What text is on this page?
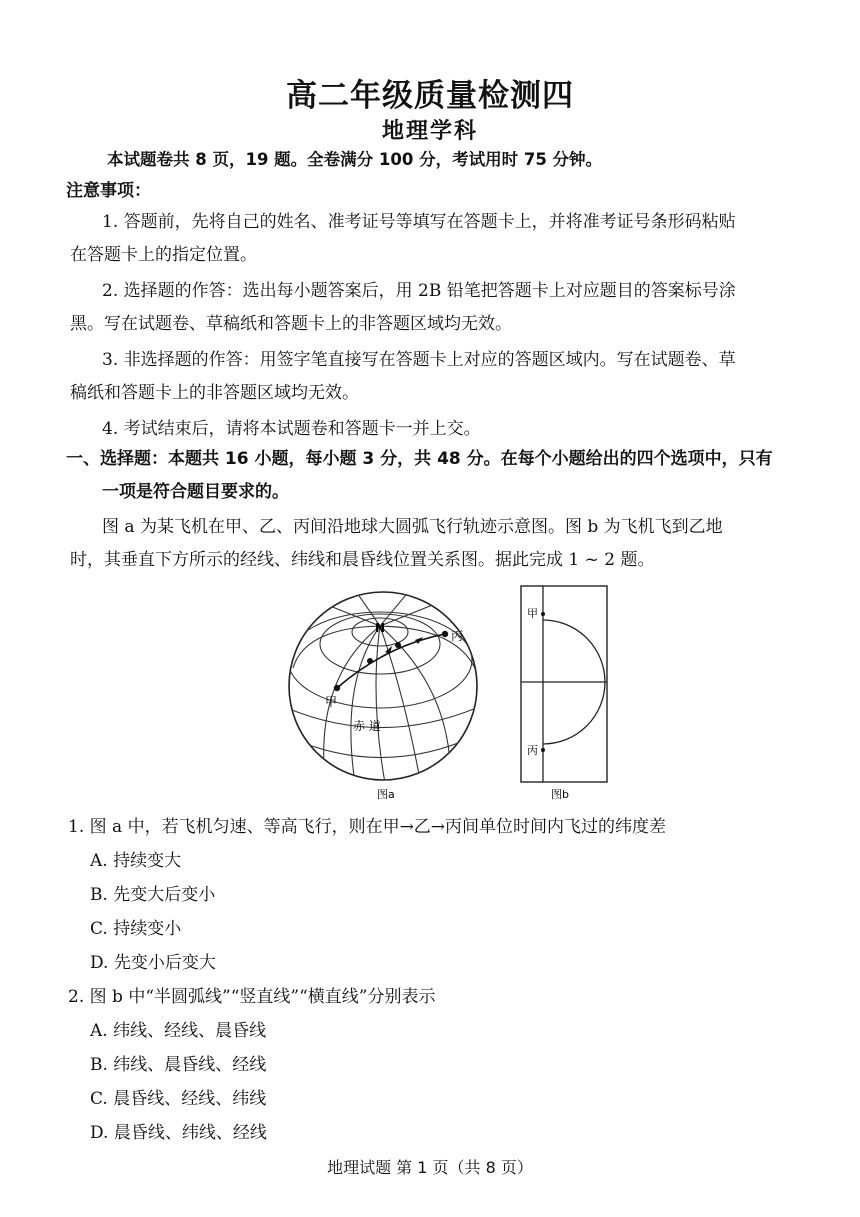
高二年级质量检测四
地理学科
本试题卷共 8 页，19 题。全卷满分 100 分，考试用时 75 分钟。
注意事项：
1. 答题前，先将自己的姓名、准考证号等填写在答题卡上，并将准考证号条形码粘贴
在答题卡上的指定位置。
2. 选择题的作答：选出每小题答案后，用 2B 铅笔把答题卡上对应题目的答案标号涂
黑。写在试题卷、草稿纸和答题卡上的非答题区域均无效。
3. 非选择题的作答：用签字笔直接写在答题卡上对应的答题区域内。写在试题卷、草
稿纸和答题卡上的非答题区域均无效。
4. 考试结束后，请将本试题卷和答题卡一并上交。
一、选择题：本题共 16 小题，每小题 3 分，共 48 分。在每个小题给出的四个选项中，只有
一项是符合题目要求的。
图 a 为某飞机在甲、乙、丙间沿地球大圆弧飞行轨迹示意图。图 b 为飞机飞到乙地
时，其垂直下方所示的经线、纬线和晨昏线位置关系图。据此完成 1 ~ 2 题。
N
丙
甲
赤 道
图a
甲
丙
图b
1. 图 a 中，若飞机匀速、等高飞行，则在甲→乙→丙间单位时间内飞过的纬度差
A. 持续变大
B. 先变大后变小
C. 持续变小
D. 先变小后变大
2. 图 b 中“半圆弧线”“竖直线”“横直线”分别表示
A. 纬线、经线、晨昏线
B. 纬线、晨昏线、经线
C. 晨昏线、经线、纬线
D. 晨昏线、纬线、经线
地理试题 第 1 页（共 8 页）
